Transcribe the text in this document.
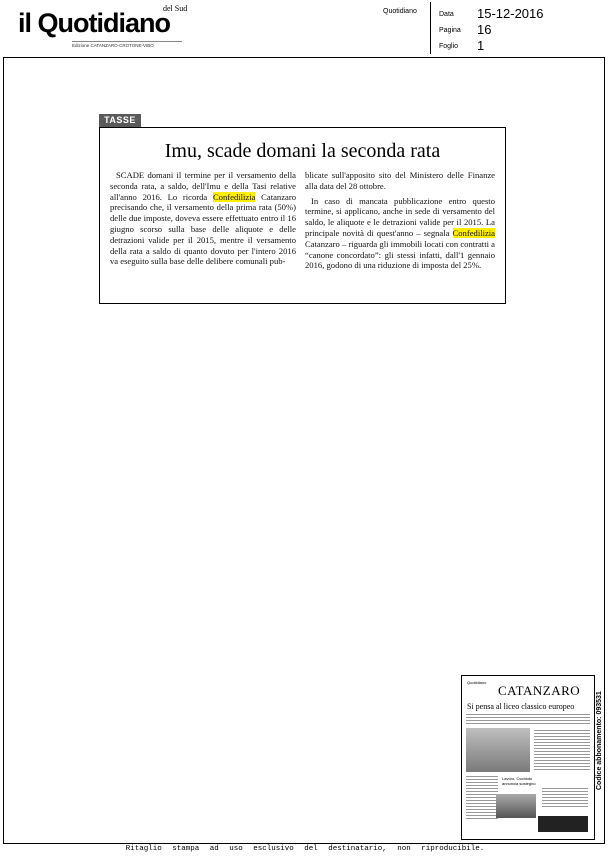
il Quotidiano
del Sud
Edizione CATANZARO-CROTONE-VIBO
Quotidiano	Data 15-12-2016
Pagina 16
Foglio 1
TASSE
Imu, scade domani la seconda rata

SCADE domani il termine per il versamento della seconda rata, a saldo, dell'Imu e della Tasi relative all'anno 2016. Lo ricorda Confedilizia Catanzaro precisando che, il versamento della prima rata (50%) delle due imposte, doveva essere effettuato entro il 16 giugno scorso sulla base delle aliquote e delle detrazioni valide per il 2015, mentre il versamento della rata a saldo di quanto dovuto per l'intero 2016 va eseguito sulla base delle delibere comunali pub-

blicate sull'apposito sito del Ministero delle Finanze alla data del 28 ottobre.

In caso di mancata pubblicazione entro questo termine, si applicano, anche in sede di versamento del saldo, le aliquote e le detrazioni valide per il 2015. La principale novità di quest'anno – segnala Confedilizia Catanzaro – riguarda gli immobili locati con contratti a “canone concordato”: gli stessi infatti, dall'1 gennaio 2016, godono di una riduzione di imposta del 25%.

Quotidiano
CATANZARO
Si pensa al liceo classico europeo
Lavoro, Occhiuto annuncia sostegno	Codice abbonamento: 093531
Ritaglio stampa ad uso esclusivo del destinatario, non riproducibile.
